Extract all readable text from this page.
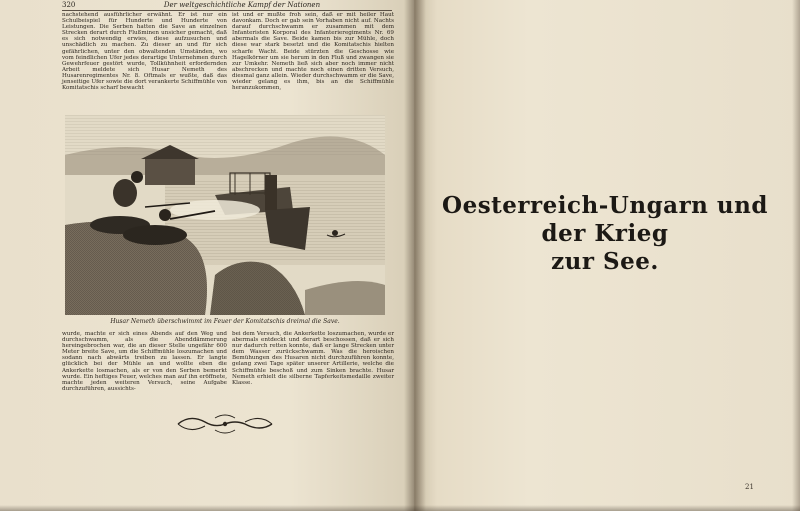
320	Der weltgeschichtliche Kampf der Nationen

nachstehend ausführlicher erwähnt. Er ist nur ein Schulbeispiel für Hunderte und Hunderte von Leistungen. Die Serben hatten die Save an einzelnen Strecken derart durch Flußminen unsicher gemacht, daß es sich notwendig erwies, diese aufzusuchen und unschädlich zu machen. Zu dieser an und für sich gefährlichen, unter den obwaltenden Umständen, wo vom feindlichen Ufer jedes derartige Unternehmen durch Gewehrfeuer gestört wurde, Tollkühnheit erfordernden Arbeit meldete sich Husar Nemeth des Husarenregimentes Nr. 8. Oftmals er wußte, daß das jenseitige Ufer sowie die dort verankerte Schiffmühle von Komitatschis scharf bewacht

ist und er mußte froh sein, daß er mit heiler Haut davonkam. Doch er gab sein Vorhaben nicht auf. Nachts darauf durchschwamm er zusammen mit dem Infanteristen Korporal des Infanterieregiments Nr. 69 abermals die Save. Beide kamen bis zur Mühle, doch diese war stark besetzt und die Komitatschis hielten scharfe Wacht. Beide stürzten die Geschosse wie Hagelkörner um sie herum in den Fluß und zwangen sie zur Umkehr. Nemeth ließ sich aber noch immer nicht abschrecken und machte noch einen dritten Versuch, diesmal ganz allein. Wieder durchschwamm er die Save, wieder gelang es ihm, bis an die Schiffmühle heranzukommen,

Husar Nemeth überschwimmt im Feuer der Komitatschis dreimal die Save.

wurde, machte er sich eines Abends auf den Weg und durchschwamm, als die Abenddämmerung hereingebrochen war, die an dieser Stelle ungefähr 600 Meter breite Save, um die Schiffmühle loszumachen und sodann nach abwärts treiben zu lassen. Er langte glücklich bei der Mühle an und wollte eben die Ankerkette losmachen, als er von den Serben bemerkt wurde. Ein heftiges Feuer, welches man auf ihn eröffnete, machte jeden weiteren Versuch, seine Aufgabe durchzuführen, aussichts-

bei dem Versuch, die Ankerkette loszumachen, wurde er abermals entdeckt und derart beschossen, daß er sich nur dadurch retten konnte, daß er lange Strecken unter dem Wasser zurückschwamm. Was die heroischen Bemühungen des Husaren nicht durchzuführen konnte, gelang zwei Tage später unserer Artillerie, welche die Schiffmühle beschoß und zum Sinken brachte. Husar Nemeth erhielt die silberne Tapferkeitsmedaille zweiter Klasse.

Oesterreich-Ungarn und der Krieg
zur See.
21
